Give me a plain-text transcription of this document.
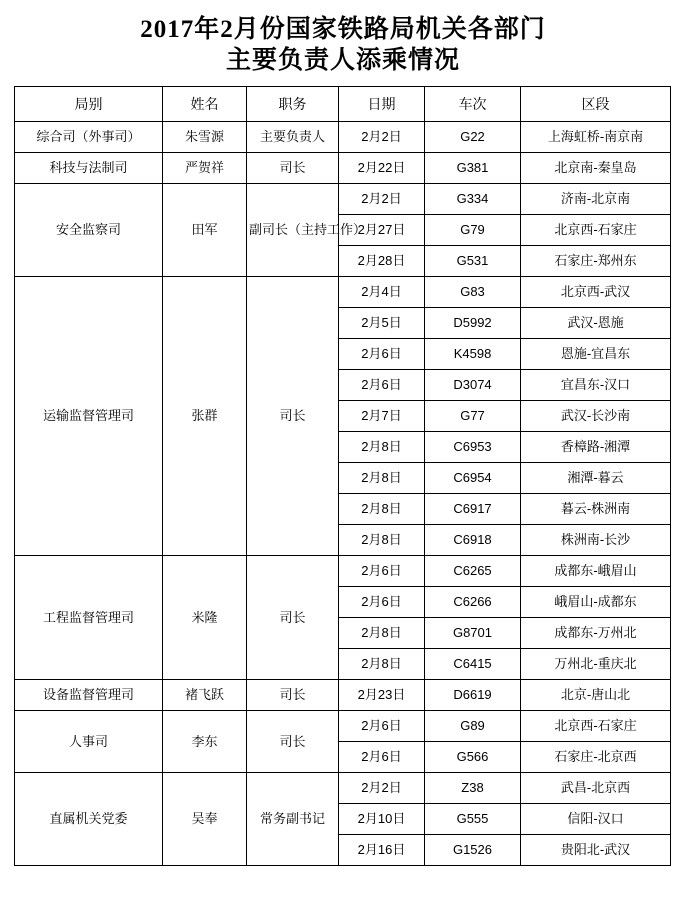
2017年2月份国家铁路局机关各部门
主要负责人添乘情况
局别	姓名	职务	日期	车次	区段
综合司（外事司）	朱雪源	主要负责人	2月2日	G22	上海虹桥-南京南
科技与法制司	严贺祥	司长	2月22日	G381	北京南-秦皇岛
安全监察司	田军	副司长（主持工作）	2月2日	G334	济南-北京南
			2月27日	G79	北京西-石家庄
			2月28日	G531	石家庄-郑州东
运输监督管理司	张群	司长	2月4日	G83	北京西-武汉
			2月5日	D5992	武汉-恩施
			2月6日	K4598	恩施-宜昌东
			2月6日	D3074	宜昌东-汉口
			2月7日	G77	武汉-长沙南
			2月8日	C6953	香樟路-湘潭
			2月8日	C6954	湘潭-暮云
			2月8日	C6917	暮云-株洲南
			2月8日	C6918	株洲南-长沙
工程监督管理司	米隆	司长	2月6日	C6265	成都东-峨眉山
			2月6日	C6266	峨眉山-成都东
			2月8日	G8701	成都东-万州北
			2月8日	C6415	万州北-重庆北
设备监督管理司	褚飞跃	司长	2月23日	D6619	北京-唐山北
人事司	李东	司长	2月6日	G89	北京西-石家庄
			2月6日	G566	石家庄-北京西
直属机关党委	吴奉	常务副书记	2月2日	Z38	武昌-北京西
			2月10日	G555	信阳-汉口
			2月16日	G1526	贵阳北-武汉
